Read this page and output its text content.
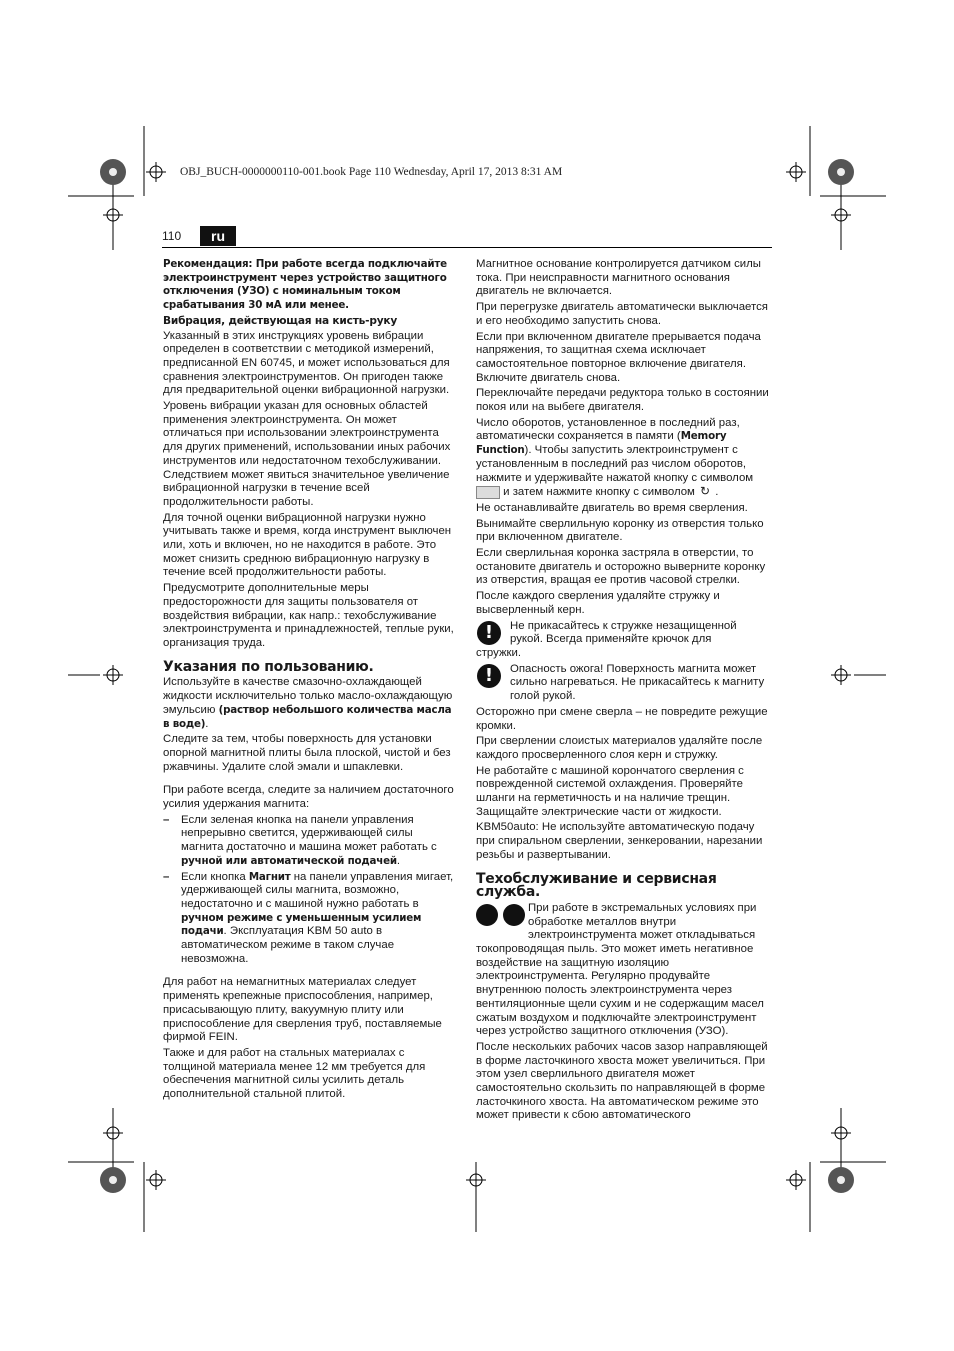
OBJ_BUCH-0000000110-001.book Page 110 Wednesday, April 17, 2013 8:31 AM
110	ru

Рекомендация: При работе всегда подключайте электроинструмент через устройство защитного отключения (УЗО) с номинальным током срабатывания 30 мА или менее.

Вибрация, действующая на кисть-руку

Указанный в этих инструкциях уровень вибрации определен в соответствии с методикой измерений, предписанной EN 60745, и может использоваться для сравнения электроинструментов. Он пригоден также для предварительной оценки вибрационной нагрузки.

Уровень вибрации указан для основных областей применения электроинструмента. Он может отличаться при использовании электроинструмента для других применений, использовании иных рабочих инструментов или недостаточном техобслуживании. Следствием может явиться значительное увеличение вибрационной нагрузки в течение всей продолжительности работы.

Для точной оценки вибрационной нагрузки нужно учитывать также и время, когда инструмент выключен или, хоть и включен, но не находится в работе. Это может снизить среднюю вибрационную нагрузку в течение всей продолжительности работы.

Предусмотрите дополнительные меры предосторожности для защиты пользователя от воздействия вибрации, как напр.: техобслуживание электроинструмента и принадлежностей, теплые руки, организация труда.

Указания по пользованию.

Используйте в качестве смазочно-охлаждающей жидкости исключительно только масло-охлаждающую эмульсию (раствор небольшого количества масла в воде).

Следите за тем, чтобы поверхность для установки опорной магнитной плиты была плоской, чистой и без ржавчины. Удалите слой эмали и шпаклевки.

При работе всегда, следите за наличием достаточного усилия удержания магнита:

– Если зеленая кнопка на панели управления непрерывно светится, удерживающей силы магнита достаточно и машина может работать с ручной или автоматической подачей.
– Если кнопка Магнит на панели управления мигает, удерживающей силы магнита, возможно, недостаточно и с машиной нужно работать в ручном режиме с уменьшенным усилием подачи. Эксплуатация KBM 50 auto в автоматическом режиме в таком случае невозможна.

Для работ на немагнитных материалах следует применять крепежные приспособления, например, присасывающую плиту, вакуумную плиту или приспособление для сверления труб, поставляемые фирмой FEIN.

Также и для работ на стальных материалах с толщиной материала менее 12 мм требуется для обеспечения магнитной силы усилить деталь дополнительной стальной плитой.

Магнитное основание контролируется датчиком силы тока. При неисправности магнитного основания двигатель не включается.

При перегрузке двигатель автоматически выключается и его необходимо запустить снова.

Если при включенном двигателе прерывается подача напряжения, то защитная схема исключает самостоятельное повторное включение двигателя. Включите двигатель снова.

Переключайте передачи редуктора только в состоянии покоя или на выбеге двигателя.

Число оборотов, установленное в последний раз, автоматически сохраняется в памяти (Memory Function). Чтобы запустить электроинструмент с установленным в последний раз числом оборотов, нажмите и удерживайте нажатой кнопку с символом  и затем нажмите кнопку с символом ↻ .

Не останавливайте двигатель во время сверления.

Вынимайте сверлильную коронку из отверстия только при включенном двигателе.

Если сверлильная коронка застряла в отверстии, то остановите двигатель и осторожно выверните коронку из отверстия, вращая ее против часовой стрелки.

После каждого сверления удаляйте стружку и высверленный керн.

!	Не прикасайтесь к стружке незащищенной рукой. Всегда применяйте крючок для
стружки.
!	Опасность ожога! Поверхность магнита может сильно нагреваться. Не прикасайтесь к магниту голой рукой.

Осторожно при смене сверла – не повредите режущие кромки.

При сверлении слоистых материалов удаляйте после каждого просверленного слоя керн и стружку.

Не работайте с машиной корончатого сверления с поврежденной системой охлаждения. Проверяйте шланги на герметичность и на наличие трещин. Защищайте электрические части от жидкости.

KBM50auto: Не используйте автоматическую подачу при спиральном сверлении, зенкеровании, нарезании резьбы и развертывании.

Техобслуживание и сервисная служба.
При работе в экстремальных условиях при обработке металлов внутри электроинструмента может откладываться

токопроводящая пыль. Это может иметь негативное воздействие на защитную изоляцию электроинструмента. Регулярно продувайте внутреннюю полость электроинструмента через вентиляционные щели сухим и не содержащим масел сжатым воздухом и подключайте электроинструмент через устройство защитного отключения (УЗО).

После нескольких рабочих часов зазор направляющей в форме ласточкиного хвоста может увеличиться. При этом узел сверлильного двигателя может самостоятельно скользить по направляющей в форме ласточкиного хвоста. На автоматическом режиме это может привести к сбою автоматического
